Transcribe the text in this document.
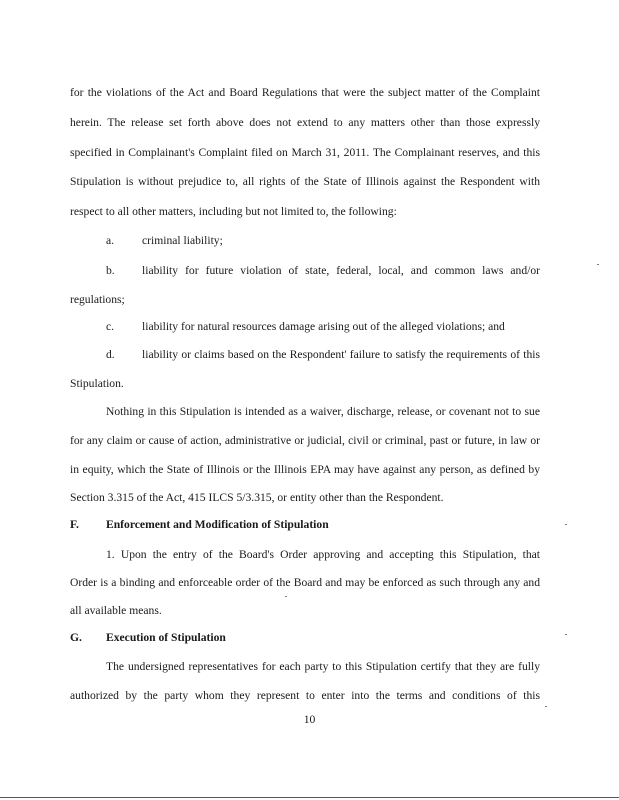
for the violations of the Act and Board Regulations that were the subject matter of the Complaint
herein. The release set forth above does not extend to any matters other than those expressly
specified in Complainant's Complaint filed on March 31, 2011. The Complainant reserves, and this
Stipulation is without prejudice to, all rights of the State of Illinois against the Respondent with
respect to all other matters, including but not limited to, the following:
a.	criminal liability;
b.	liability for future violation of state, federal, local, and common laws and/or
regulations;
c.	liability for natural resources damage arising out of the alleged violations; and
d.	liability or claims based on the Respondent' failure to satisfy the requirements of this
Stipulation.
Nothing in this Stipulation is intended as a waiver, discharge, release, or covenant not to sue
for any claim or cause of action, administrative or judicial, civil or criminal, past or future, in law or
in equity, which the State of Illinois or the Illinois EPA may have against any person, as defined by
Section 3.315 of the Act, 415 ILCS 5/3.315, or entity other than the Respondent.
F. Enforcement and Modification of Stipulation
1. Upon the entry of the Board's Order approving and accepting this Stipulation, that
Order is a binding and enforceable order of the Board and may be enforced as such through any and
all available means.
G. Execution of Stipulation
The undersigned representatives for each party to this Stipulation certify that they are fully
authorized by the party whom they represent to enter into the terms and conditions of this
10
